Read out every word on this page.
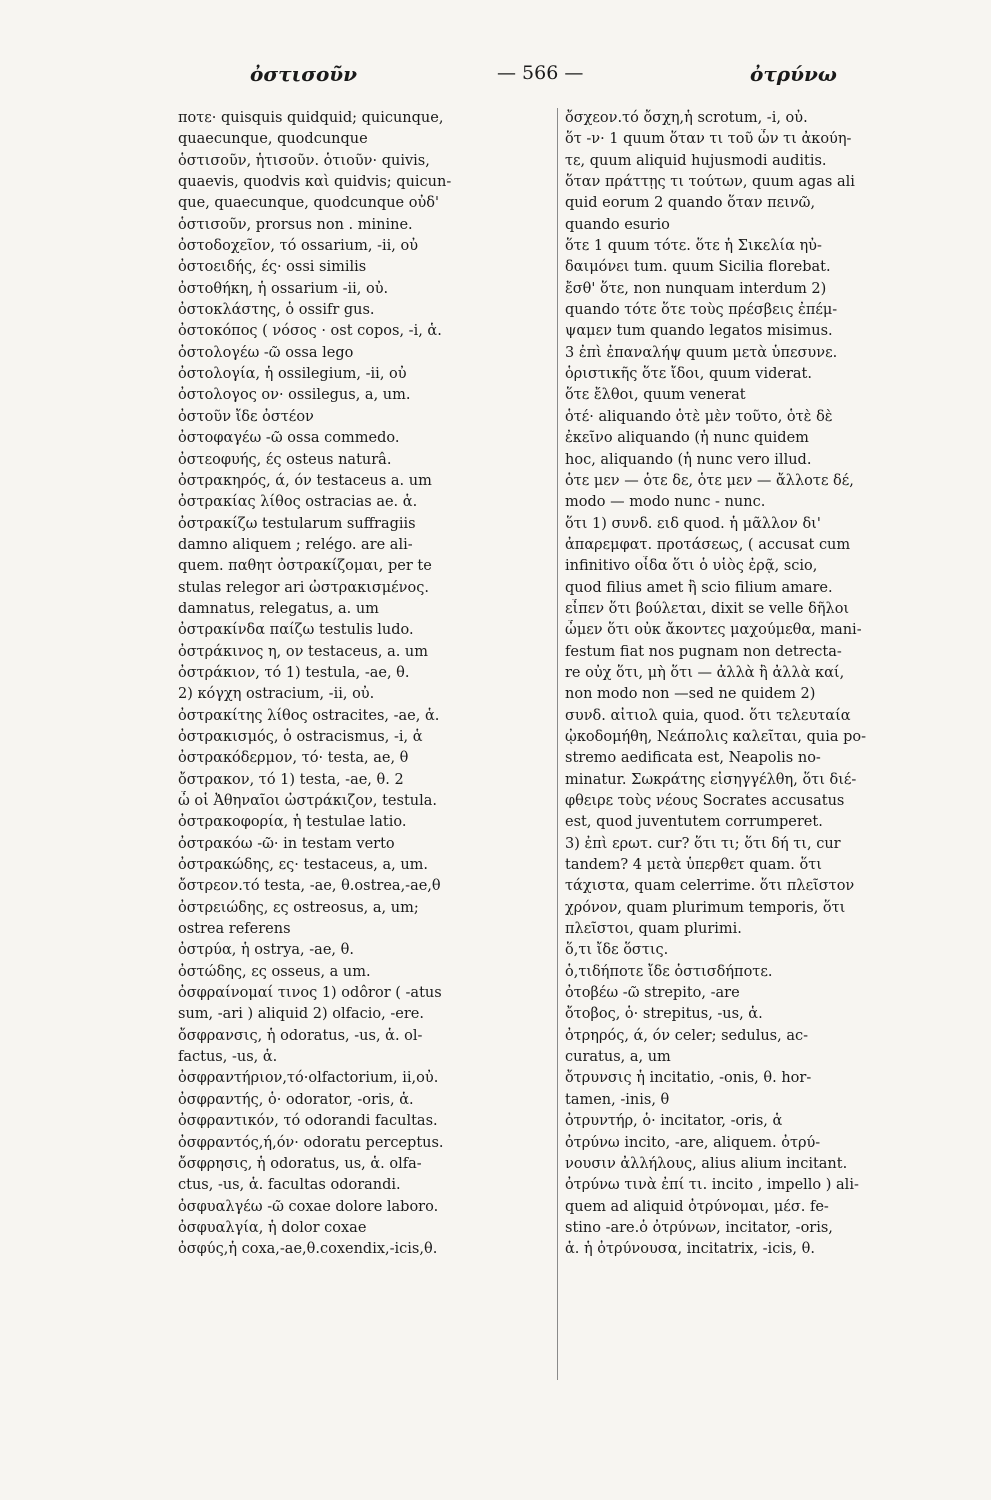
ὀστισοῦν	— 566 —	ὀτρύνω
ποτε· quisquis quidquid; quicunque,
quaecunque, quodcunque
ὁστισοῦν, ἡτισοῦν. ὁτιοῦν· quivis,
quaevis, quodvis καὶ quidvis; quicun-
que, quaecunque, quodcunque οὐδ'
ὁστισοῦν, prorsus non . minine.
ὀστοδοχεῖον, τό ossarium, -ii, οὐ
ὀστοειδής, ές· ossi similis
ὀστοθήκη, ἡ ossarium -ii, οὐ.
ὀστοκλάστης, ὁ ossifr gus.
ὀστοκόπος ( νόσος · ost copos, -i, ἁ.
ὀστολογέω -ῶ ossa lego
ὀστολογία, ἡ ossilegium, -ii, οὐ
ὀστολογος ον· ossilegus, a, um.
ὀστοῦν ἴδε ὀστέον
ὀστοφαγέω -ῶ ossa commedo.
ὀστεοφυής, ές osteus naturâ.
ὀστρακηρός, ά, όν testaceus a. um
ὀστρακίας λίθος ostracias ae. ἁ.
ὀστρακίζω testularum suffragiis
damno aliquem ; relégo. are ali-
quem. παθητ ὀστρακίζομαι, per te
stulas relegor ari ὠστρακισμένος.
damnatus, relegatus, a. um
ὀστρακίνδα παίζω testulis ludo.
ὀστράκινος η, ον testaceus, a. um
ὀστράκιον, τό 1) testula, -ae, θ.
2) κόγχη ostracium, -ii, οὐ.
ὀστρακίτης λίθος ostracites, -ae, ἁ.
ὀστρακισμός, ὁ ostracismus, -i, ἁ
ὀστρακόδερμον, τό· testa, ae, θ
ὄστρακον, τό 1) testa, -ae, θ. 2
ὦ οἱ Ἀθηναῖοι ὠστράκιζον, testula.
ὀστρακοφορία, ἡ testulae latio.
ὀστρακόω -ῶ· in testam verto
ὀστρακώδης, ες· testaceus, a, um.
ὄστρεον.τό testa, -ae, θ.ostrea,-ae,θ
ὀστρειώδης, ες ostreosus, a, um;
ostrea referens
ὀστρύα, ἡ ostrya, -ae, θ.
ὀστώδης, ες osseus, a um.
ὀσφραίνομαί τινος 1) odôror ( -atus
sum, -ari ) aliquid 2) olfacio, -ere.
ὄσφρανσις, ἡ odoratus, -us, ἁ. ol-
factus, -us, ἁ.
ὀσφραντήριον,τό·olfactorium, ii,οὐ.
ὀσφραντής, ὁ· odorator, -oris, ἁ.
ὀσφραντικόν, τό odorandi facultas.
ὀσφραντός,ή,όν· odoratu perceptus.
ὄσφρησις, ἡ odoratus, us, ἁ. olfa-
ctus, -us, ἁ. facultas odorandi.
ὀσφυαλγέω -ῶ coxae dolore laboro.
ὀσφυαλγία, ἡ dolor coxae
ὀσφύς,ἡ coxa,-ae,θ.coxendix,-icis,θ.
ὄσχεον.τό ὄσχη,ἡ scrotum, -i, οὐ.
ὅτ -ν· 1 quum ὅταν τι τοῦ ὦν τι ἀκούη-
τε, quum aliquid hujusmodi auditis.
ὅταν πράττῃς τι τούτων, quum agas ali
quid eorum 2 quando ὅταν πεινῶ,
quando esurio
ὅτε 1 quum τότε. ὅτε ἡ Σικελία ηὐ-
δαιμόνει tum. quum Sicilia florebat.
ἔσθ' ὅτε, non nunquam interdum 2)
quando τότε ὅτε τοὺς πρέσβεις ἐπέμ-
ψαμεν tum quando legatos misimus.
3 ἐπὶ ἐπαναλήψ quum μετὰ ὑπεσυνε.
ὁριστικῆς ὅτε ἴδοι, quum viderat.
ὅτε ἔλθοι, quum venerat
ὁτέ· aliquando ὁτὲ μὲν τοῦτο, ὁτὲ δὲ
ἐκεῖνο aliquando (ἡ nunc quidem
hoc, aliquando (ἡ nunc vero illud.
ὁτε μεν — ὁτε δε, ὁτε μεν — ἄλλοτε δέ,
modo — modo nunc - nunc.
ὅτι 1) συνδ. ειδ quod. ἡ μᾶλλον δι'
ἀπαρεμφατ. προτάσεως, ( accusat cum
infinitivo οἶδα ὅτι ὁ υἱὸς ἐρᾷ, scio,
quod filius amet ἢ scio filium amare.
εἶπεν ὅτι βούλεται, dixit se velle δῆλοι
ὦμεν ὅτι οὐκ ἄκοντες μαχούμεθα, mani-
festum fiat nos pugnam non detrecta-
re οὐχ ὅτι, μὴ ὅτι — ἀλλὰ ἢ ἀλλὰ καί,
non modo non —sed ne quidem 2)
συνδ. αἰτιολ quia, quod. ὅτι τελευταία
ᾠκοδομήθη, Νεάπολις καλεῖται, quia po-
stremo aedificata est, Neapolis no-
minatur. Σωκράτης εἰσηγγέλθη, ὅτι διέ-
φθειρε τοὺς νέους Socrates accusatus
est, quod juventutem corrumperet.
3) ἐπὶ ερωτ. cur? ὅτι τι; ὅτι δή τι, cur
tandem? 4 μετὰ ὑπερθετ quam. ὅτι
τάχιστα, quam celerrime. ὅτι πλεῖστον
χρόνον, quam plurimum temporis, ὅτι
πλεῖστοι, quam plurimi.
ὅ,τι ἴδε ὅστις.
ὁ,τιδήποτε ἴδε ὁστισδήποτε.
ὀτοβέω -ῶ strepito, -are
ὄτοβος, ὁ· strepitus, -us, ἁ.
ὀτρηρός, ά, όν celer; sedulus, ac-
curatus, a, um
ὄτρυνσις ἡ incitatio, -onis, θ. hor-
tamen, -inis, θ
ὀτρυντήρ, ὁ· incitator, -oris, ἁ
ὀτρύνω incito, -are, aliquem. ὀτρύ-
νουσιν ἀλλήλους, alius alium incitant.
ὀτρύνω τινὰ ἐπί τι. incito , impello ) ali-
quem ad aliquid ὀτρύνομαι, μέσ. fe-
stino -are.ὁ ὀτρύνων, incitator, -oris,
ἁ. ἡ ὀτρύνουσα, incitatrix, -icis, θ.
